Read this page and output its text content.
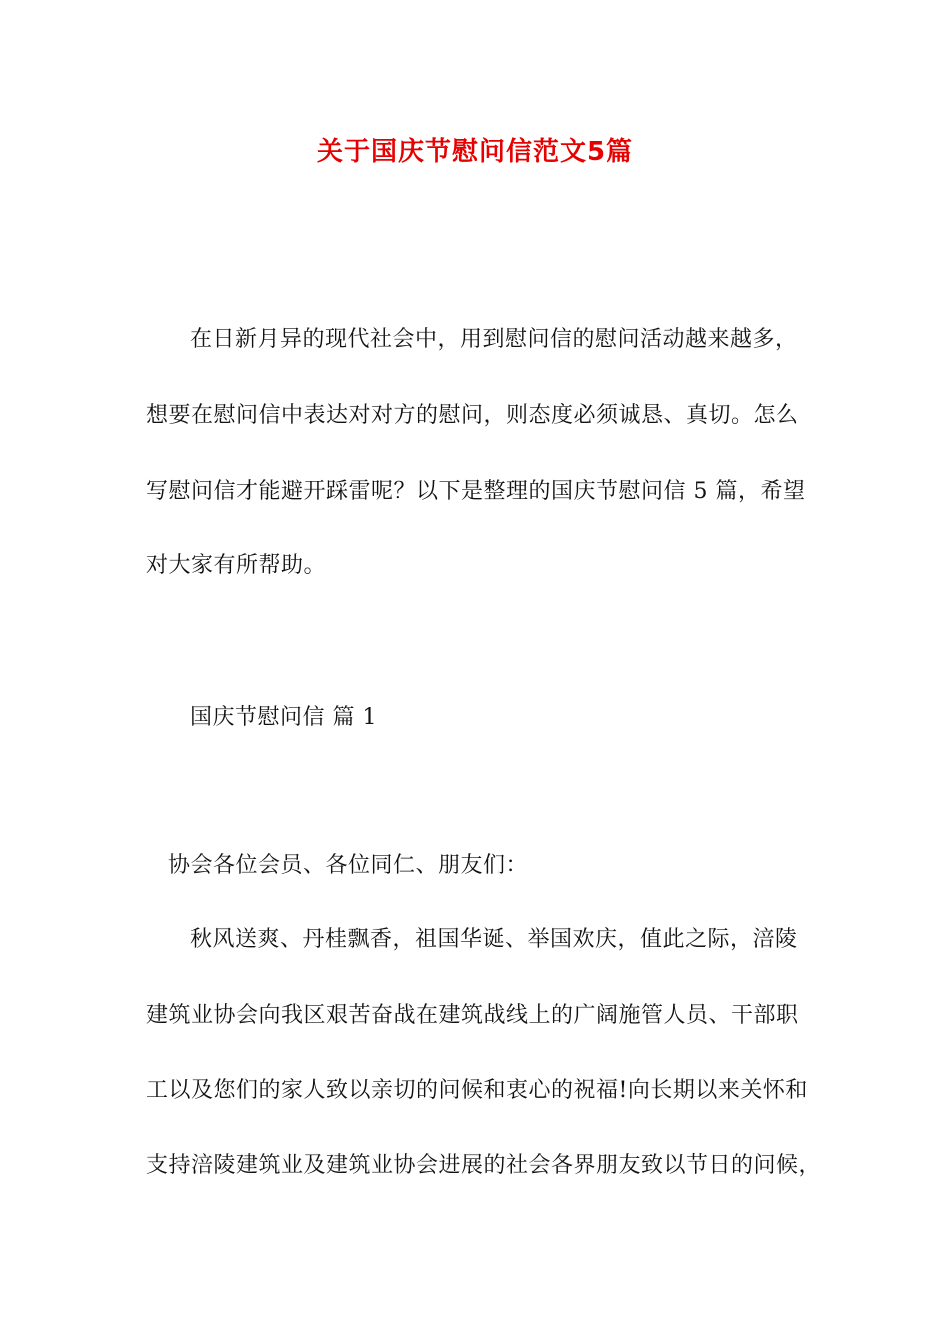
关于国庆节慰问信范文5篇
在日新月异的现代社会中，用到慰问信的慰问活动越来越多，
想要在慰问信中表达对对方的慰问，则态度必须诚恳、真切。怎么
写慰问信才能避开踩雷呢？以下是整理的国庆节慰问信 5 篇，希望
对大家有所帮助。
国庆节慰问信 篇 1
协会各位会员、各位同仁、朋友们：
秋风送爽、丹桂飘香，祖国华诞、举国欢庆，值此之际，涪陵
建筑业协会向我区艰苦奋战在建筑战线上的广阔施管人员、干部职
工以及您们的家人致以亲切的问候和衷心的祝福!向长期以来关怀和
支持涪陵建筑业及建筑业协会进展的社会各界朋友致以节日的问候，
